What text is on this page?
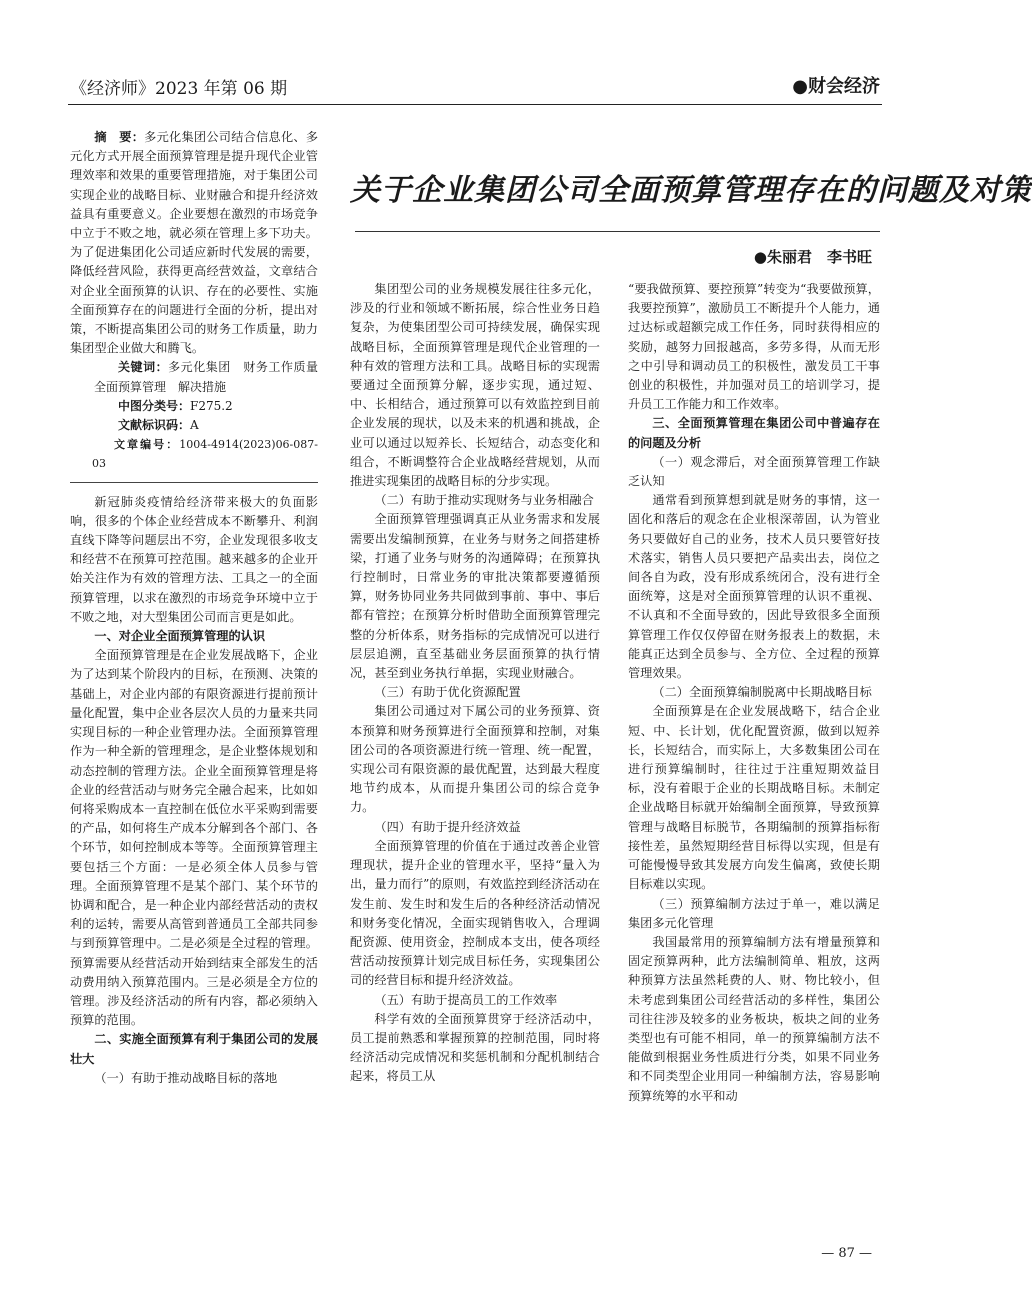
《经济师》2023 年第 06 期	●财会经济
关于企业集团公司全面预算管理存在的问题及对策
●朱丽君　李书旺

摘　要：多元化集团公司结合信息化、多元化方式开展全面预算管理是提升现代企业管理效率和效果的重要管理措施，对于集团公司实现企业的战略目标、业财融合和提升经济效益具有重要意义。企业要想在激烈的市场竞争中立于不败之地，就必须在管理上多下功夫。为了促进集团化公司适应新时代发展的需要，降低经营风险，获得更高经营效益，文章结合对企业全面预算的认识、存在的必要性、实施全面预算存在的问题进行全面的分析，提出对策，不断提高集团公司的财务工作质量，助力集团型企业做大和腾飞。

关键词：多元化集团　财务工作质量　全面预算管理　解决措施

中图分类号：F275.2

文献标识码：A

文章编号：1004-4914(2023)06-087-03

新冠肺炎疫情给经济带来极大的负面影响，很多的个体企业经营成本不断攀升、利润直线下降等问题层出不穷，企业发现很多收支和经营不在预算可控范围。越来越多的企业开始关注作为有效的管理方法、工具之一的全面预算管理，以求在激烈的市场竞争环境中立于不败之地，对大型集团公司而言更是如此。

一、对企业全面预算管理的认识

全面预算管理是在企业发展战略下，企业为了达到某个阶段内的目标，在预测、决策的基础上，对企业内部的有限资源进行提前预计量化配置，集中企业各层次人员的力量来共同实现目标的一种企业管理办法。全面预算管理作为一种全新的管理理念，是企业整体规划和动态控制的管理方法。企业全面预算管理是将企业的经营活动与财务完全融合起来，比如如何将采购成本一直控制在低位水平采购到需要的产品，如何将生产成本分解到各个部门、各个环节，如何控制成本等等。全面预算管理主要包括三个方面：一是必须全体人员参与管理。全面预算管理不是某个部门、某个环节的协调和配合，是一种企业内部经营活动的责权利的运转，需要从高管到普通员工全部共同参与到预算管理中。二是必须是全过程的管理。预算需要从经营活动开始到结束全部发生的活动费用纳入预算范围内。三是必须是全方位的管理。涉及经济活动的所有内容，都必须纳入预算的范围。

二、实施全面预算有利于集团公司的发展壮大

（一）有助于推动战略目标的落地

集团型公司的业务规模发展往往多元化，涉及的行业和领域不断拓展，综合性业务日趋复杂，为使集团型公司可持续发展，确保实现战略目标，全面预算管理是现代企业管理的一种有效的管理方法和工具。战略目标的实现需要通过全面预算分解，逐步实现，通过短、中、长相结合，通过预算可以有效监控到目前企业发展的现状，以及未来的机遇和挑战，企业可以通过以短养长、长短结合，动态变化和组合，不断调整符合企业战略经营规划，从而推进实现集团的战略目标的分步实现。

（二）有助于推动实现财务与业务相融合

全面预算管理强调真正从业务需求和发展需要出发编制预算，在业务与财务之间搭建桥梁，打通了业务与财务的沟通障碍；在预算执行控制时，日常业务的审批决策都要遵循预算，财务协同业务共同做到事前、事中、事后都有管控；在预算分析时借助全面预算管理完整的分析体系，财务指标的完成情况可以进行层层追溯，直至基础业务层面预算的执行情况，甚至到业务执行单据，实现业财融合。

（三）有助于优化资源配置

集团公司通过对下属公司的业务预算、资本预算和财务预算进行全面预算和控制，对集团公司的各项资源进行统一管理、统一配置，实现公司有限资源的最优配置，达到最大程度地节约成本，从而提升集团公司的综合竞争力。

（四）有助于提升经济效益

全面预算管理的价值在于通过改善企业管理现状，提升企业的管理水平，坚持“量入为出，量力而行”的原则，有效监控到经济活动在发生前、发生时和发生后的各种经济活动情况和财务变化情况，全面实现销售收入，合理调配资源、使用资金，控制成本支出，使各项经营活动按预算计划完成目标任务，实现集团公司的经营目标和提升经济效益。

（五）有助于提高员工的工作效率

科学有效的全面预算贯穿于经济活动中，员工提前熟悉和掌握预算的控制范围，同时将经济活动完成情况和奖惩机制和分配机制结合起来，将员工从

“要我做预算、要控预算”转变为“我要做预算，我要控预算”，激励员工不断提升个人能力，通过达标或超额完成工作任务，同时获得相应的奖励，越努力回报越高，多劳多得，从而无形之中引导和调动员工的积极性，激发员工干事创业的积极性，并加强对员工的培训学习，提升员工工作能力和工作效率。

三、全面预算管理在集团公司中普遍存在的问题及分析

（一）观念滞后，对全面预算管理工作缺乏认知

通常看到预算想到就是财务的事情，这一固化和落后的观念在企业根深蒂固，认为管业务只要做好自己的业务，技术人员只要管好技术落实，销售人员只要把产品卖出去，岗位之间各自为政，没有形成系统闭合，没有进行全面统筹，这是对全面预算管理的认识不重视、不认真和不全面导致的，因此导致很多全面预算管理工作仅仅停留在财务报表上的数据，未能真正达到全员参与、全方位、全过程的预算管理效果。

（二）全面预算编制脱离中长期战略目标

全面预算是在企业发展战略下，结合企业短、中、长计划，优化配置资源，做到以短养长，长短结合，而实际上，大多数集团公司在进行预算编制时，往往过于注重短期效益目标，没有着眼于企业的长期战略目标。未制定企业战略目标就开始编制全面预算，导致预算管理与战略目标脱节，各期编制的预算指标衔接性差，虽然短期经营目标得以实现，但是有可能慢慢导致其发展方向发生偏离，致使长期目标难以实现。

（三）预算编制方法过于单一，难以满足集团多元化管理

我国最常用的预算编制方法有增量预算和固定预算两种，此方法编制简单、粗放，这两种预算方法虽然耗费的人、财、物比较小，但未考虑到集团公司经营活动的多样性，集团公司往往涉及较多的业务板块，板块之间的业务类型也有可能不相同，单一的预算编制方法不能做到根据业务性质进行分类，如果不同业务和不同类型企业用同一种编制方法，容易影响预算统筹的水平和动

— 87 —
